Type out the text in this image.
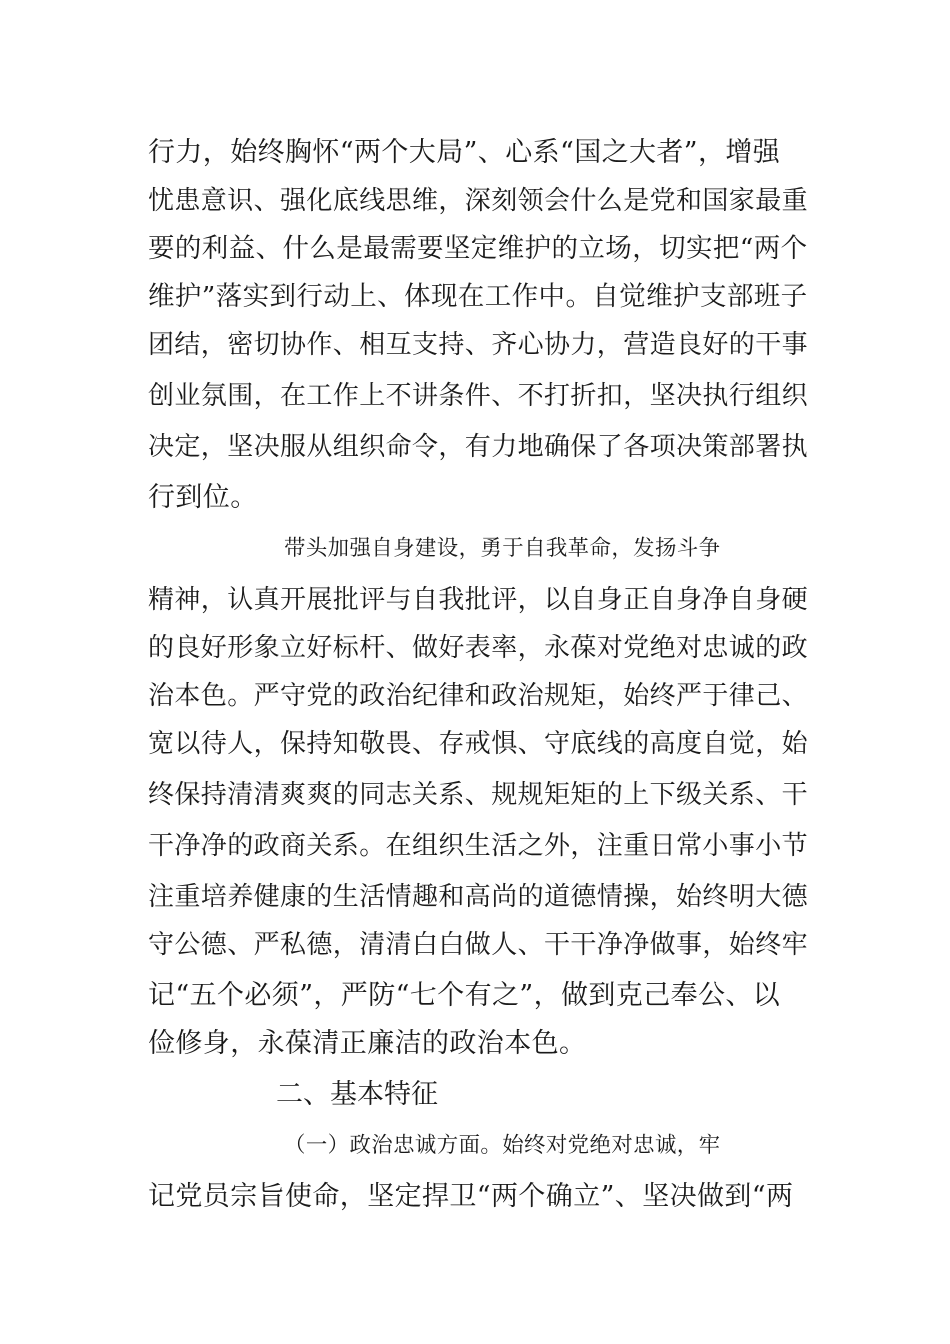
行力，始终胸怀“两个大局”、心系“国之大者”，增强
忧患意识、强化底线思维，深刻领会什么是党和国家最重
要的利益、什么是最需要坚定维护的立场，切实把“两个
维护”落实到行动上、体现在工作中。自觉维护支部班子
团结，密切协作、相互支持、齐心协力，营造良好的干事
创业氛围，在工作上不讲条件、不打折扣，坚决执行组织
决定，坚决服从组织命令，有力地确保了各项决策部署执
行到位。
带头加强自身建设，勇于自我革命，发扬斗争
精神，认真开展批评与自我批评，以自身正自身净自身硬
的良好形象立好标杆、做好表率，永葆对党绝对忠诚的政
治本色。严守党的政治纪律和政治规矩，始终严于律己、
宽以待人，保持知敬畏、存戒惧、守底线的高度自觉，始
终保持清清爽爽的同志关系、规规矩矩的上下级关系、干
干净净的政商关系。在组织生活之外，注重日常小事小节
注重培养健康的生活情趣和高尚的道德情操，始终明大德
守公德、严私德，清清白白做人、干干净净做事，始终牢
记“五个必须”，严防“七个有之”，做到克己奉公、以
俭修身，永葆清正廉洁的政治本色。
二、基本特征
（一）政治忠诚方面。始终对党绝对忠诚，牢
记党员宗旨使命，坚定捍卫“两个确立”、坚决做到“两
